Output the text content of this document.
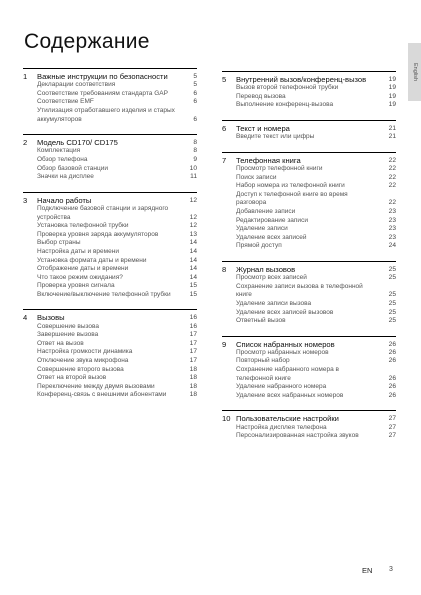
Содержание
English
1	Важные инструкции по безопасности	5
Декларации соответствия	5
Соответствие требованиям стандарта GAP	6
Соответствие EMF	6
Утилизация отработавшего изделия и старых аккумуляторов	6
2	Модель CD170/ CD175	8
Комплектация	8
Обзор телефона	9
Обзор базовой станции	10
Значки на дисплее	11
3	Начало работы	12
Подключение базовой станции и зарядного устройства	12
Установка телефонной трубки	12
Проверка уровня заряда аккумуляторов	13
Выбор страны	14
Настройка даты и времени	14
Установка формата даты и времени	14
Отображение даты и времени	14
Что такое режим ожидания?	14
Проверка уровня сигнала	15
Включение/выключение телефонной трубки	15
4	Вызовы	16
Совершение вызова	16
Завершение вызова	17
Ответ на вызов	17
Настройка громкости динамика	17
Отключение звука микрофона	17
Совершение второго вызова	18
Ответ на второй вызов	18
Переключение между двумя вызовами	18
Конференц-связь с внешними абонентами	18
5	Внутренний вызов/конференц-вызов	19
Вызов второй телефонной трубки	19
Перевод вызова	19
Выполнение конференц-вызова	19
6	Текст и номера	21
Введите текст или цифры	21
7	Телефонная книга	22
Просмотр телефонной книги	22
Поиск записи	22
Набор номера из телефонной книги	22
Доступ к телефонной книге во время разговора	22
Добавление записи	23
Редактирование записи	23
Удаление записи	23
Удаление всех записей	23
Прямой доступ	24
8	Журнал вызовов	25
Просмотр всех записей	25
Сохранение записи вызова в телефонной книге	25
Удаление записи вызова	25
Удаление всех записей вызовов	25
Ответный вызов	25
9	Список набранных номеров	26
Просмотр набранных номеров	26
Повторный набор	26
Сохранение набранного номера в телефонной книге	26
Удаление набранного номера	26
Удаление всех набранных номеров	26
10 Пользовательские настройки	27
Настройка дисплея телефона	27
Персонализированная настройка звуков	27
EN 3
